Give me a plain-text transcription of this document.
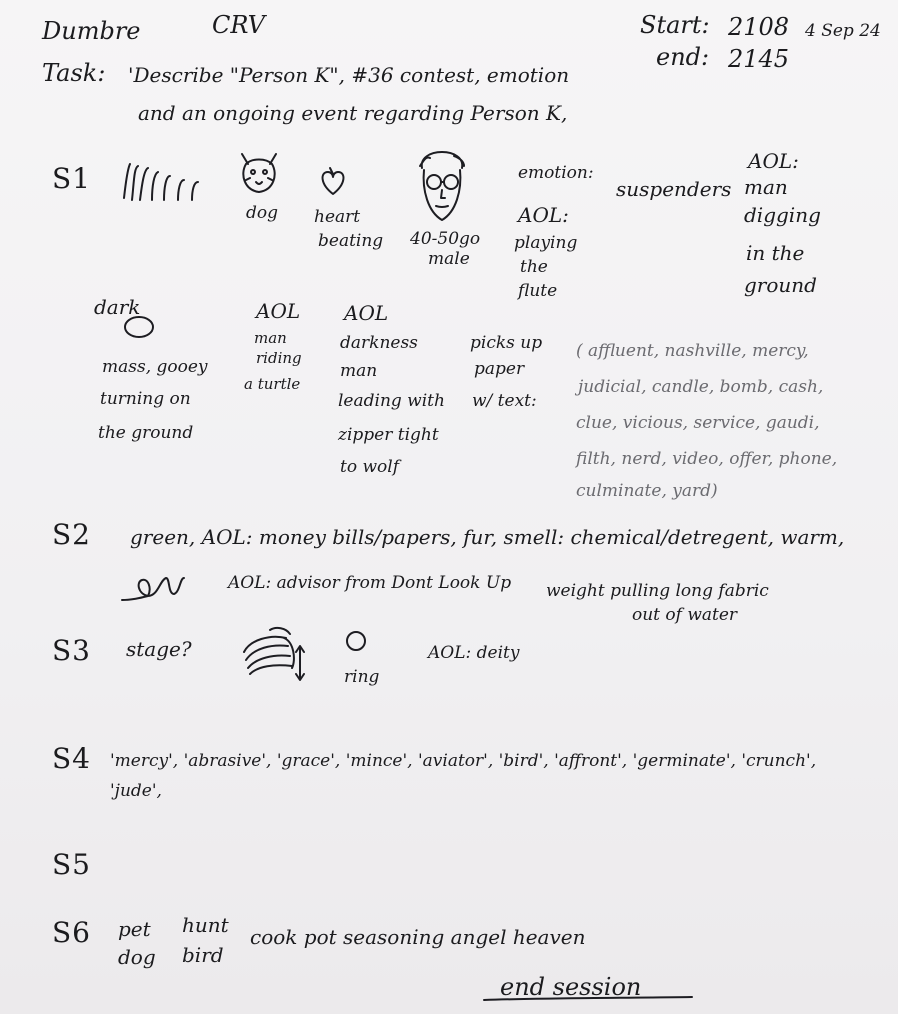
Dumbre	CRV	Start: 2108 4 Sep 24
end: 2145
Task: 'Describe "Person K", #36 contest, emotion
and an ongoing event regarding Person K,
S1
dog heart
beating 40-50go
male
emotion:
AOL:
playing
the
flute
suspenders
AOL:
man
digging
in the
ground
dark
mass, gooey
turning on
the ground
AOL
man
riding
a turtle
AOL
darkness
man
leading with
zipper tight
to wolf
picks up
paper
w/ text:
( affluent, nashville, mercy,
judicial, candle, bomb, cash,
clue, vicious, service, gaudi,
filth, nerd, video, offer, phone,
culminate, yard)
S2 green, AOL: money bills/papers, fur, smell: chemical/detregent, warm,
AOL: advisor from Dont Look Up weight pulling long fabric
out of water
S3 stage?
ring
AOL: deity
S4 'mercy', 'abrasive', 'grace', 'mince', 'aviator', 'bird', 'affront', 'germinate', 'crunch',
'jude',
S5
S6 pet
dog
hunt
bird
cook pot seasoning angel heaven
end session
